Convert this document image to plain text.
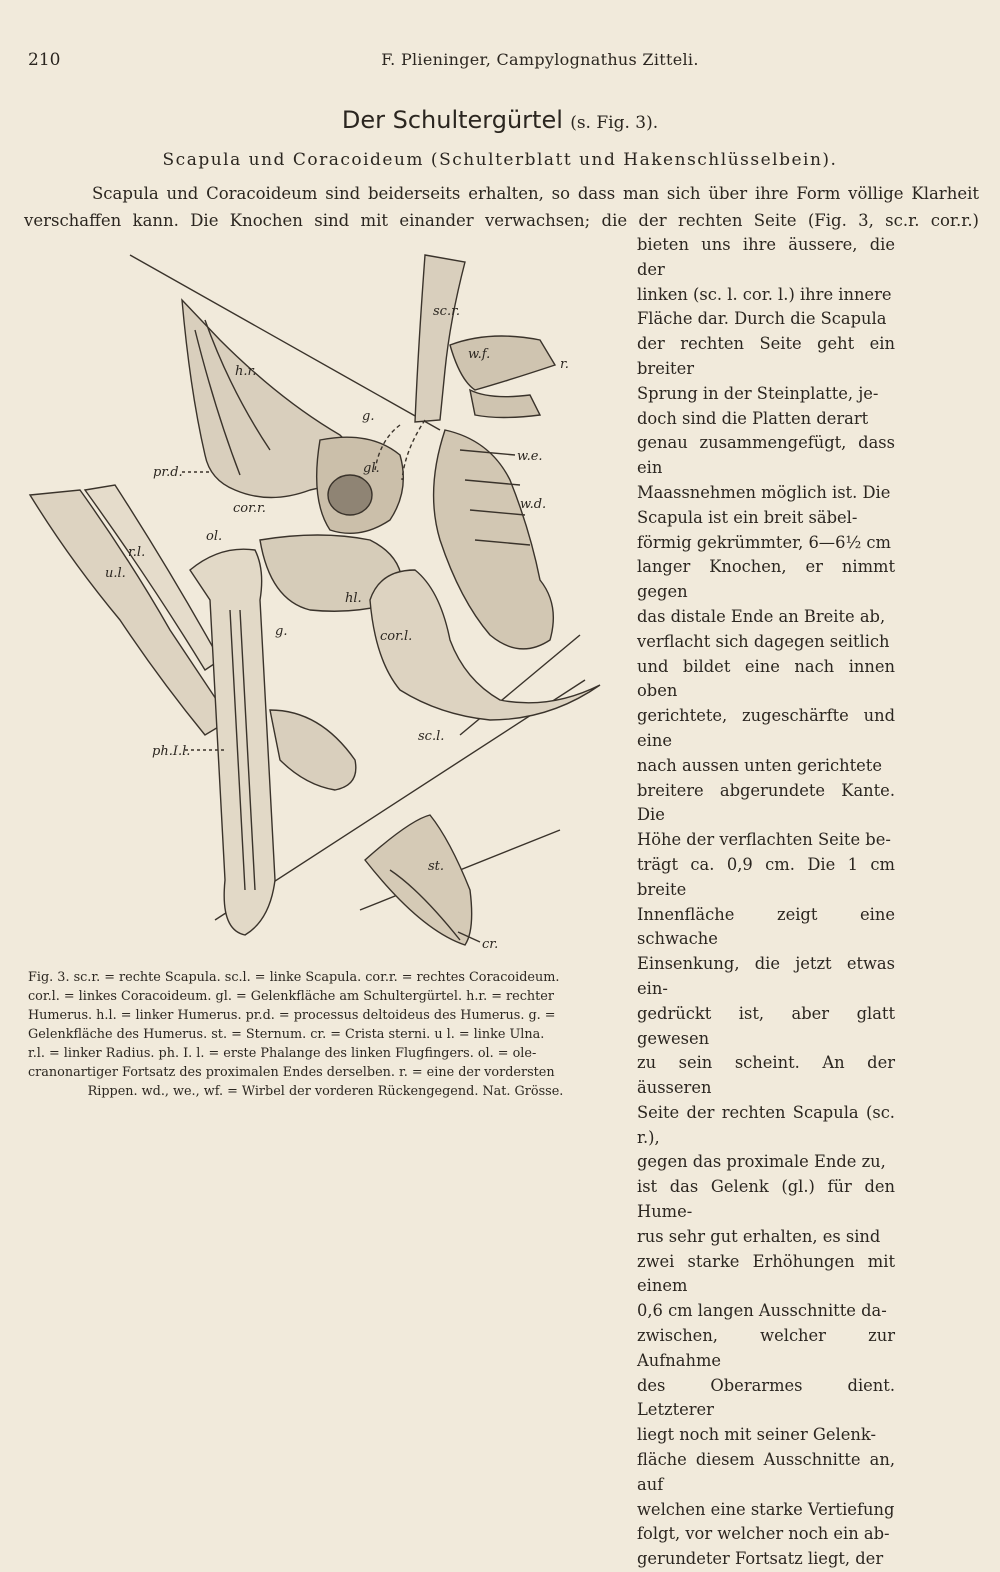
210	F. Plieninger, Campylognathus Zitteli.
Der Schultergürtel (s. Fig. 3).
Scapula und Coracoideum (Schulterblatt und Hakenschlüsselbein).

Scapula und Coracoideum sind beiderseits erhalten, so dass man sich über ihre Form völlige Klarheit

verschaffen kann. Die Knochen sind mit einander verwachsen; die der rechten Seite (Fig. 3, sc.r. cor.r.)

sc.r.
w.f.
r.
h.r.
g.
w.e.
gl.
pr.d.
w.d.
cor.r.
ol.
r.l.
u.l.
hl.
g.	cor.l.
sc.l.
ph.I.l.
st.
cr.

Fig. 3. sc.r. = rechte Scapula. sc.l. = linke Scapula. cor.r. = rechtes Coracoideum.

cor.l. = linkes Coracoideum. gl. = Gelenkfläche am Schultergürtel. h.r. = rechter

Humerus. h.l. = linker Humerus. pr.d. = processus deltoideus des Humerus. g. =

Gelenkfläche des Humerus. st. = Sternum. cr. = Crista sterni. u l. = linke Ulna.

r.l. = linker Radius. ph. I. l. = erste Phalange des linken Flugfingers. ol. = ole-

cranonartiger Fortsatz des proximalen Endes derselben. r. = eine der vordersten

Rippen. wd., we., wf. = Wirbel der vorderen Rückengegend. Nat. Grösse.

bieten uns ihre äussere, die der

linken (sc. l. cor. l.) ihre innere

Fläche dar. Durch die Scapula

der rechten Seite geht ein breiter

Sprung in der Steinplatte, je-

doch sind die Platten derart

genau zusammengefügt, dass ein

Maassnehmen möglich ist. Die

Scapula ist ein breit säbel-

förmig gekrümmter, 6—6½ cm

langer Knochen, er nimmt gegen

das distale Ende an Breite ab,

verflacht sich dagegen seitlich

und bildet eine nach innen oben

gerichtete, zugeschärfte und eine

nach aussen unten gerichtete

breitere abgerundete Kante. Die

Höhe der verflachten Seite be-

trägt ca. 0,9 cm. Die 1 cm breite

Innenfläche zeigt eine schwache

Einsenkung, die jetzt etwas ein-

gedrückt ist, aber glatt gewesen

zu sein scheint. An der äusseren

Seite der rechten Scapula (sc. r.),

gegen das proximale Ende zu,

ist das Gelenk (gl.) für den Hume-

rus sehr gut erhalten, es sind

zwei starke Erhöhungen mit einem

0,6 cm langen Ausschnitte da-

zwischen, welcher zur Aufnahme

des Oberarmes dient. Letzterer

liegt noch mit seiner Gelenk-

fläche diesem Ausschnitte an, auf

welchen eine starke Vertiefung

folgt, vor welcher noch ein ab-

gerundeter Fortsatz liegt, der
